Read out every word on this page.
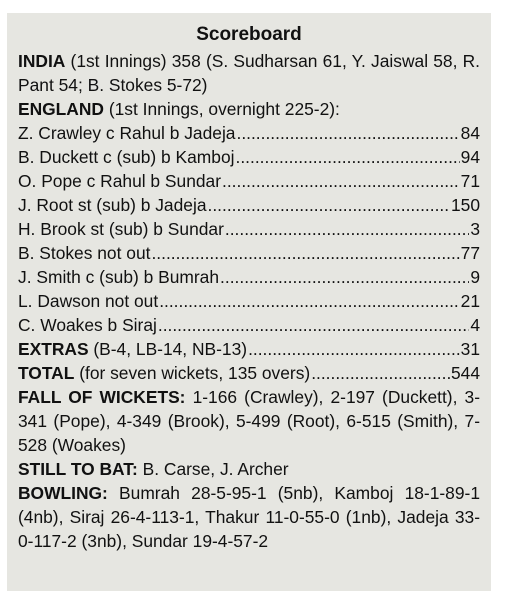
Scoreboard
INDIA (1st Innings) 358 (S. Sudharsan 61, Y. Jaiswal 58, R. Pant 54; B. Stokes 5-72)
ENGLAND (1st Innings, overnight 225-2):
Z. Crawley c Rahul b Jadeja .....	84
B. Duckett c (sub) b Kamboj .....	94
O. Pope c Rahul b Sundar .....	71
J. Root st (sub) b Jadeja .....	150
H. Brook st (sub) b Sundar .....	3
B. Stokes not out .....	77
J. Smith c (sub) b Bumrah .....	9
L. Dawson not out .....	21
C. Woakes b Siraj .....	4
EXTRAS (B-4, LB-14, NB-13) .....	31
TOTAL (for seven wickets, 135 overs) .....	544
FALL OF WICKETS: 1-166 (Crawley), 2-197 (Duckett), 3-341 (Pope), 4-349 (Brook), 5-499 (Root), 6-515 (Smith), 7-528 (Woakes)
STILL TO BAT: B. Carse, J. Archer
BOWLING: Bumrah 28-5-95-1 (5nb), Kamboj 18-1-89-1 (4nb), Siraj 26-4-113-1, Thakur 11-0-55-0 (1nb), Jadeja 33-0-117-2 (3nb), Sundar 19-4-57-2
